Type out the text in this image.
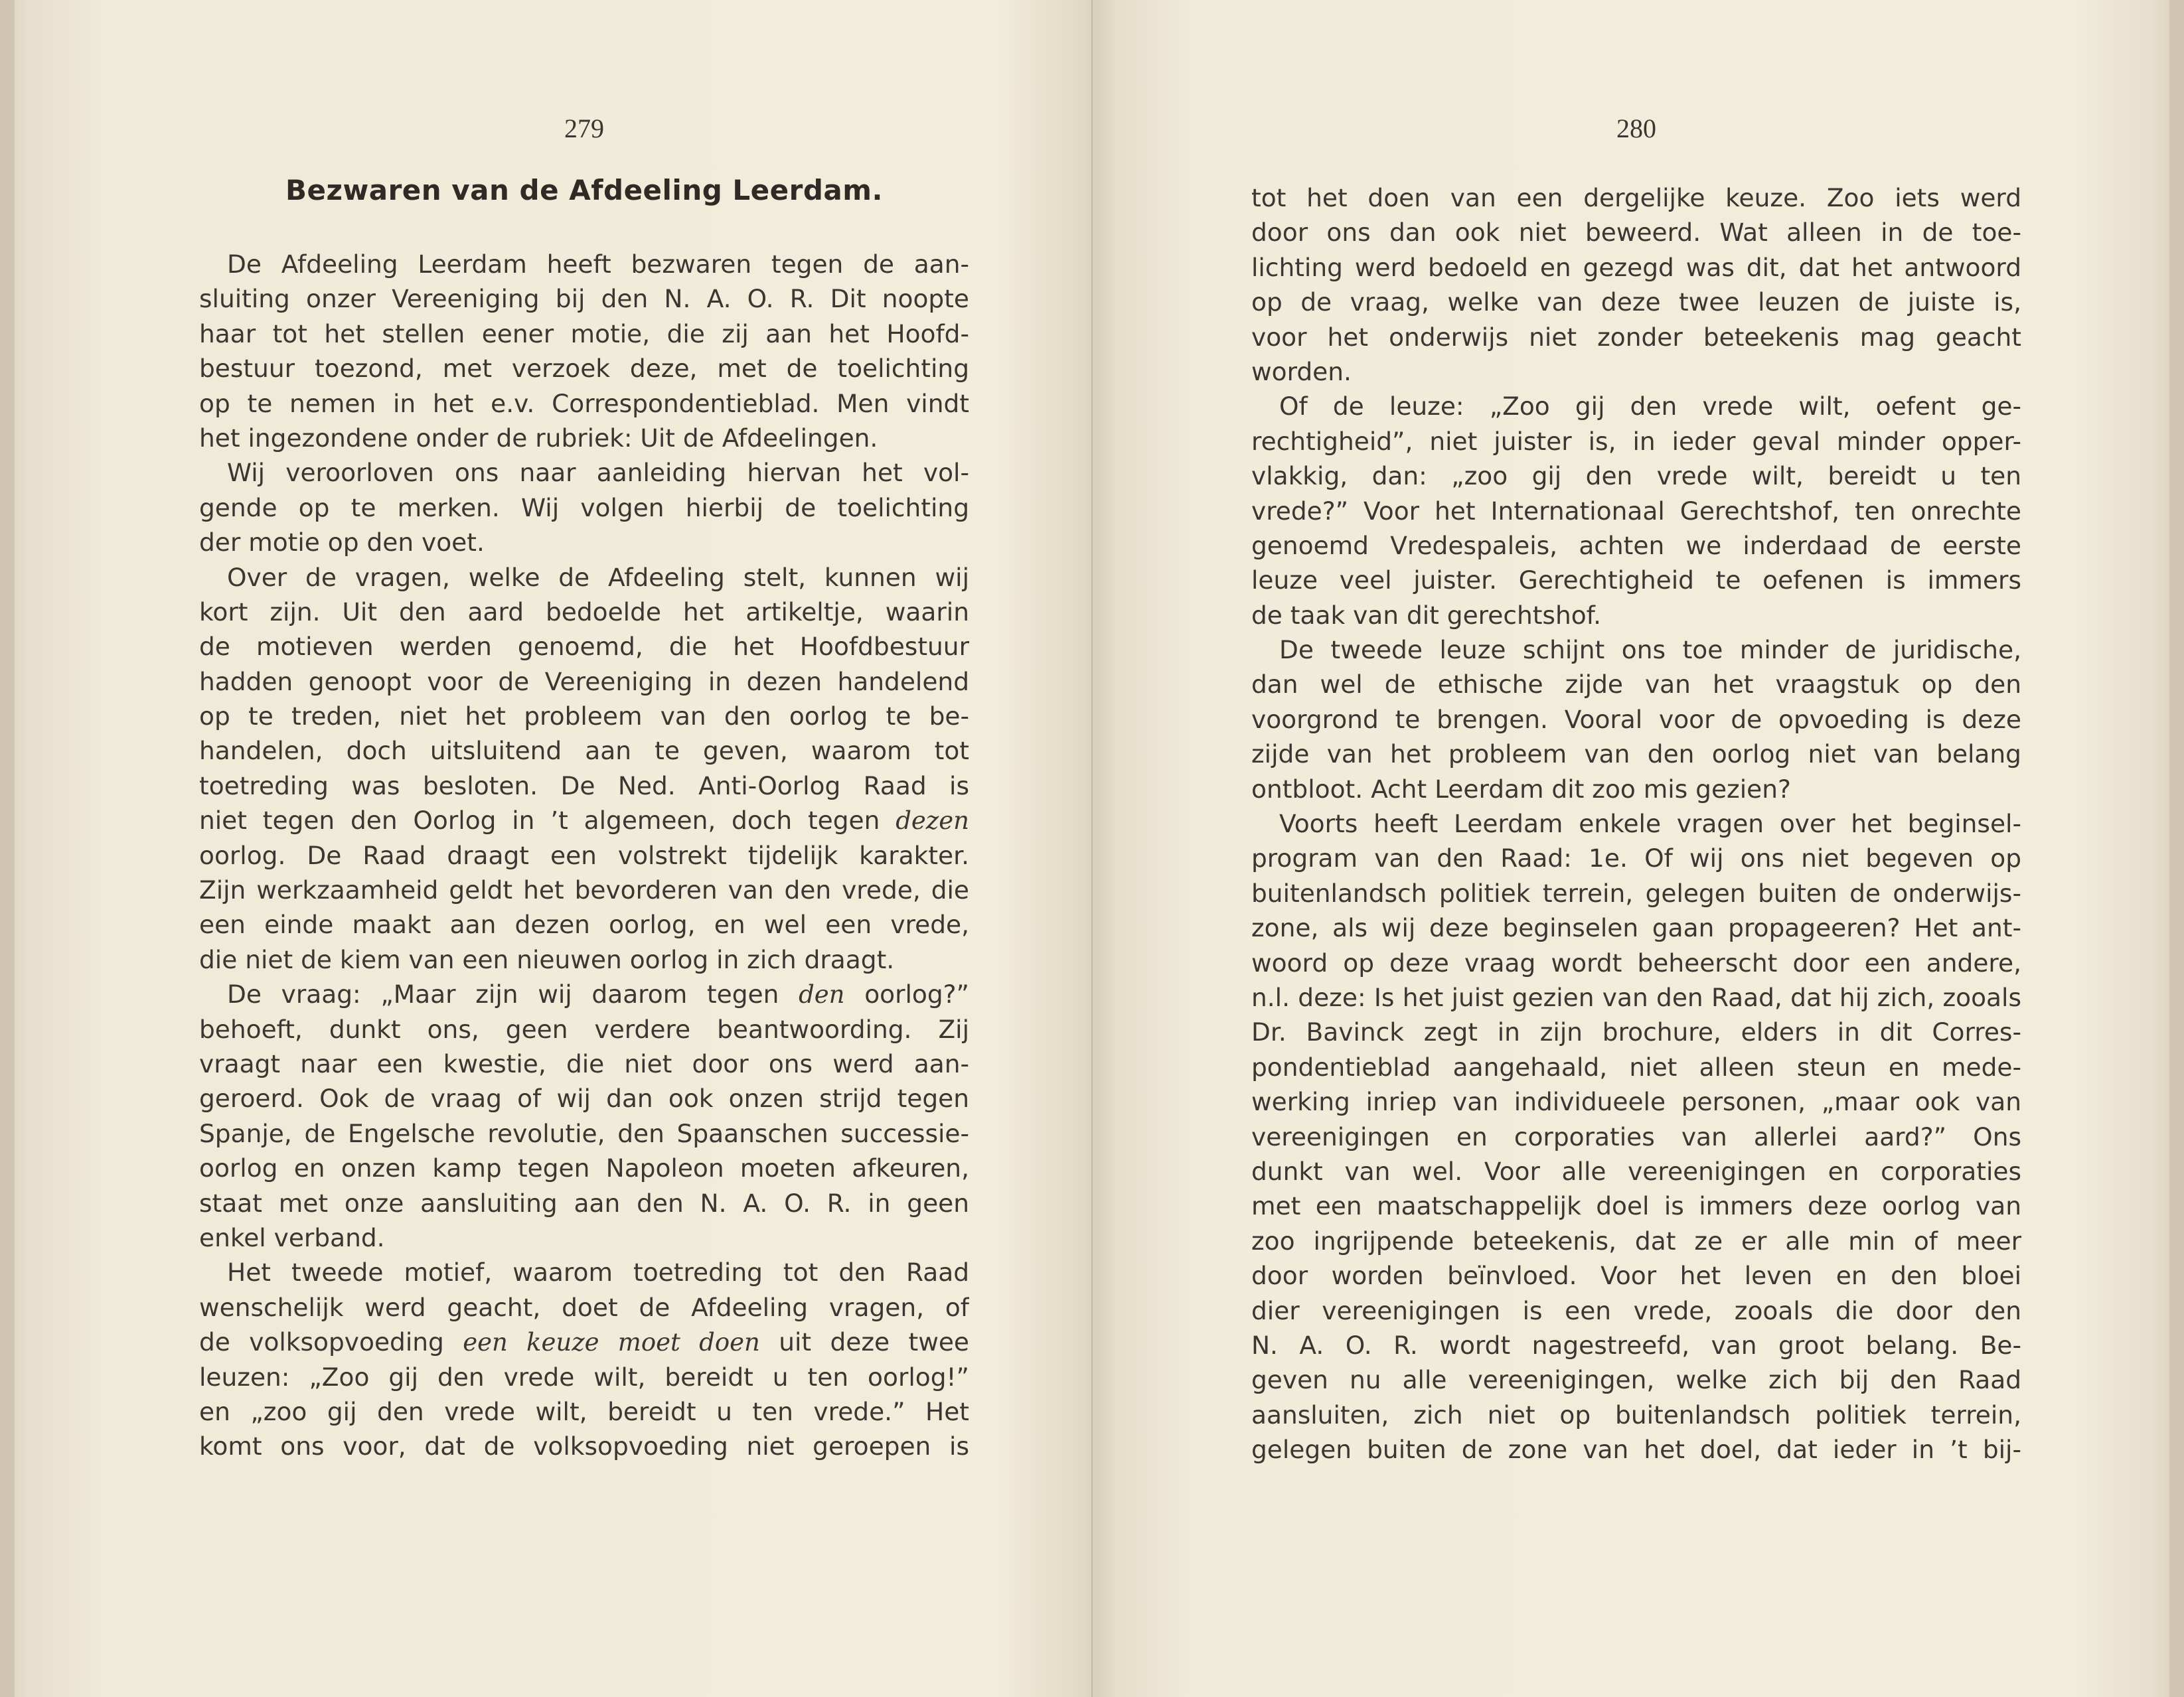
279
Bezwaren van de Afdeeling Leerdam.
De Afdeeling Leerdam heeft bezwaren tegen de aan-
sluiting onzer Vereeniging bij den N. A. O. R. Dit noopte
haar tot het stellen eener motie, die zij aan het Hoofd-
bestuur toezond, met verzoek deze, met de toelichting
op te nemen in het e.v. Correspondentieblad. Men vindt
het ingezondene onder de rubriek: Uit de Afdeelingen.
Wij veroorloven ons naar aanleiding hiervan het vol-
gende op te merken. Wij volgen hierbij de toelichting
der motie op den voet.
Over de vragen, welke de Afdeeling stelt, kunnen wij
kort zijn. Uit den aard bedoelde het artikeltje, waarin
de motieven werden genoemd, die het Hoofdbestuur
hadden genoopt voor de Vereeniging in dezen handelend
op te treden, niet het probleem van den oorlog te be-
handelen, doch uitsluitend aan te geven, waarom tot
toetreding was besloten. De Ned. Anti-Oorlog Raad is
niet tegen den Oorlog in ’t algemeen, doch tegen dezen
oorlog. De Raad draagt een volstrekt tijdelijk karakter.
Zijn werkzaamheid geldt het bevorderen van den vrede, die
een einde maakt aan dezen oorlog, en wel een vrede,
die niet de kiem van een nieuwen oorlog in zich draagt.
De vraag: „Maar zijn wij daarom tegen den oorlog?”
behoeft, dunkt ons, geen verdere beantwoording. Zij
vraagt naar een kwestie, die niet door ons werd aan-
geroerd. Ook de vraag of wij dan ook onzen strijd tegen
Spanje, de Engelsche revolutie, den Spaanschen successie-
oorlog en onzen kamp tegen Napoleon moeten afkeuren,
staat met onze aansluiting aan den N. A. O. R. in geen
enkel verband.
Het tweede motief, waarom toetreding tot den Raad
wenschelijk werd geacht, doet de Afdeeling vragen, of
de volksopvoeding een keuze moet doen uit deze twee
leuzen: „Zoo gij den vrede wilt, bereidt u ten oorlog!”
en „zoo gij den vrede wilt, bereidt u ten vrede.” Het
komt ons voor, dat de volksopvoeding niet geroepen is
280
tot het doen van een dergelijke keuze. Zoo iets werd
door ons dan ook niet beweerd. Wat alleen in de toe-
lichting werd bedoeld en gezegd was dit, dat het antwoord
op de vraag, welke van deze twee leuzen de juiste is,
voor het onderwijs niet zonder beteekenis mag geacht
worden.
Of de leuze: „Zoo gij den vrede wilt, oefent ge-
rechtigheid”, niet juister is, in ieder geval minder opper-
vlakkig, dan: „zoo gij den vrede wilt, bereidt u ten
vrede?” Voor het Internationaal Gerechtshof, ten onrechte
genoemd Vredespaleis, achten we inderdaad de eerste
leuze veel juister. Gerechtigheid te oefenen is immers
de taak van dit gerechtshof.
De tweede leuze schijnt ons toe minder de juridische,
dan wel de ethische zijde van het vraagstuk op den
voorgrond te brengen. Vooral voor de opvoeding is deze
zijde van het probleem van den oorlog niet van belang
ontbloot. Acht Leerdam dit zoo mis gezien?
Voorts heeft Leerdam enkele vragen over het beginsel-
program van den Raad: 1e. Of wij ons niet begeven op
buitenlandsch politiek terrein, gelegen buiten de onderwijs-
zone, als wij deze beginselen gaan propageeren? Het ant-
woord op deze vraag wordt beheerscht door een andere,
n.l. deze: Is het juist gezien van den Raad, dat hij zich, zooals
Dr. Bavinck zegt in zijn brochure, elders in dit Corres-
pondentieblad aangehaald, niet alleen steun en mede-
werking inriep van individueele personen, „maar ook van
vereenigingen en corporaties van allerlei aard?” Ons
dunkt van wel. Voor alle vereenigingen en corporaties
met een maatschappelijk doel is immers deze oorlog van
zoo ingrijpende beteekenis, dat ze er alle min of meer
door worden beïnvloed. Voor het leven en den bloei
dier vereenigingen is een vrede, zooals die door den
N. A. O. R. wordt nagestreefd, van groot belang. Be-
geven nu alle vereenigingen, welke zich bij den Raad
aansluiten, zich niet op buitenlandsch politiek terrein,
gelegen buiten de zone van het doel, dat ieder in ’t bij-
